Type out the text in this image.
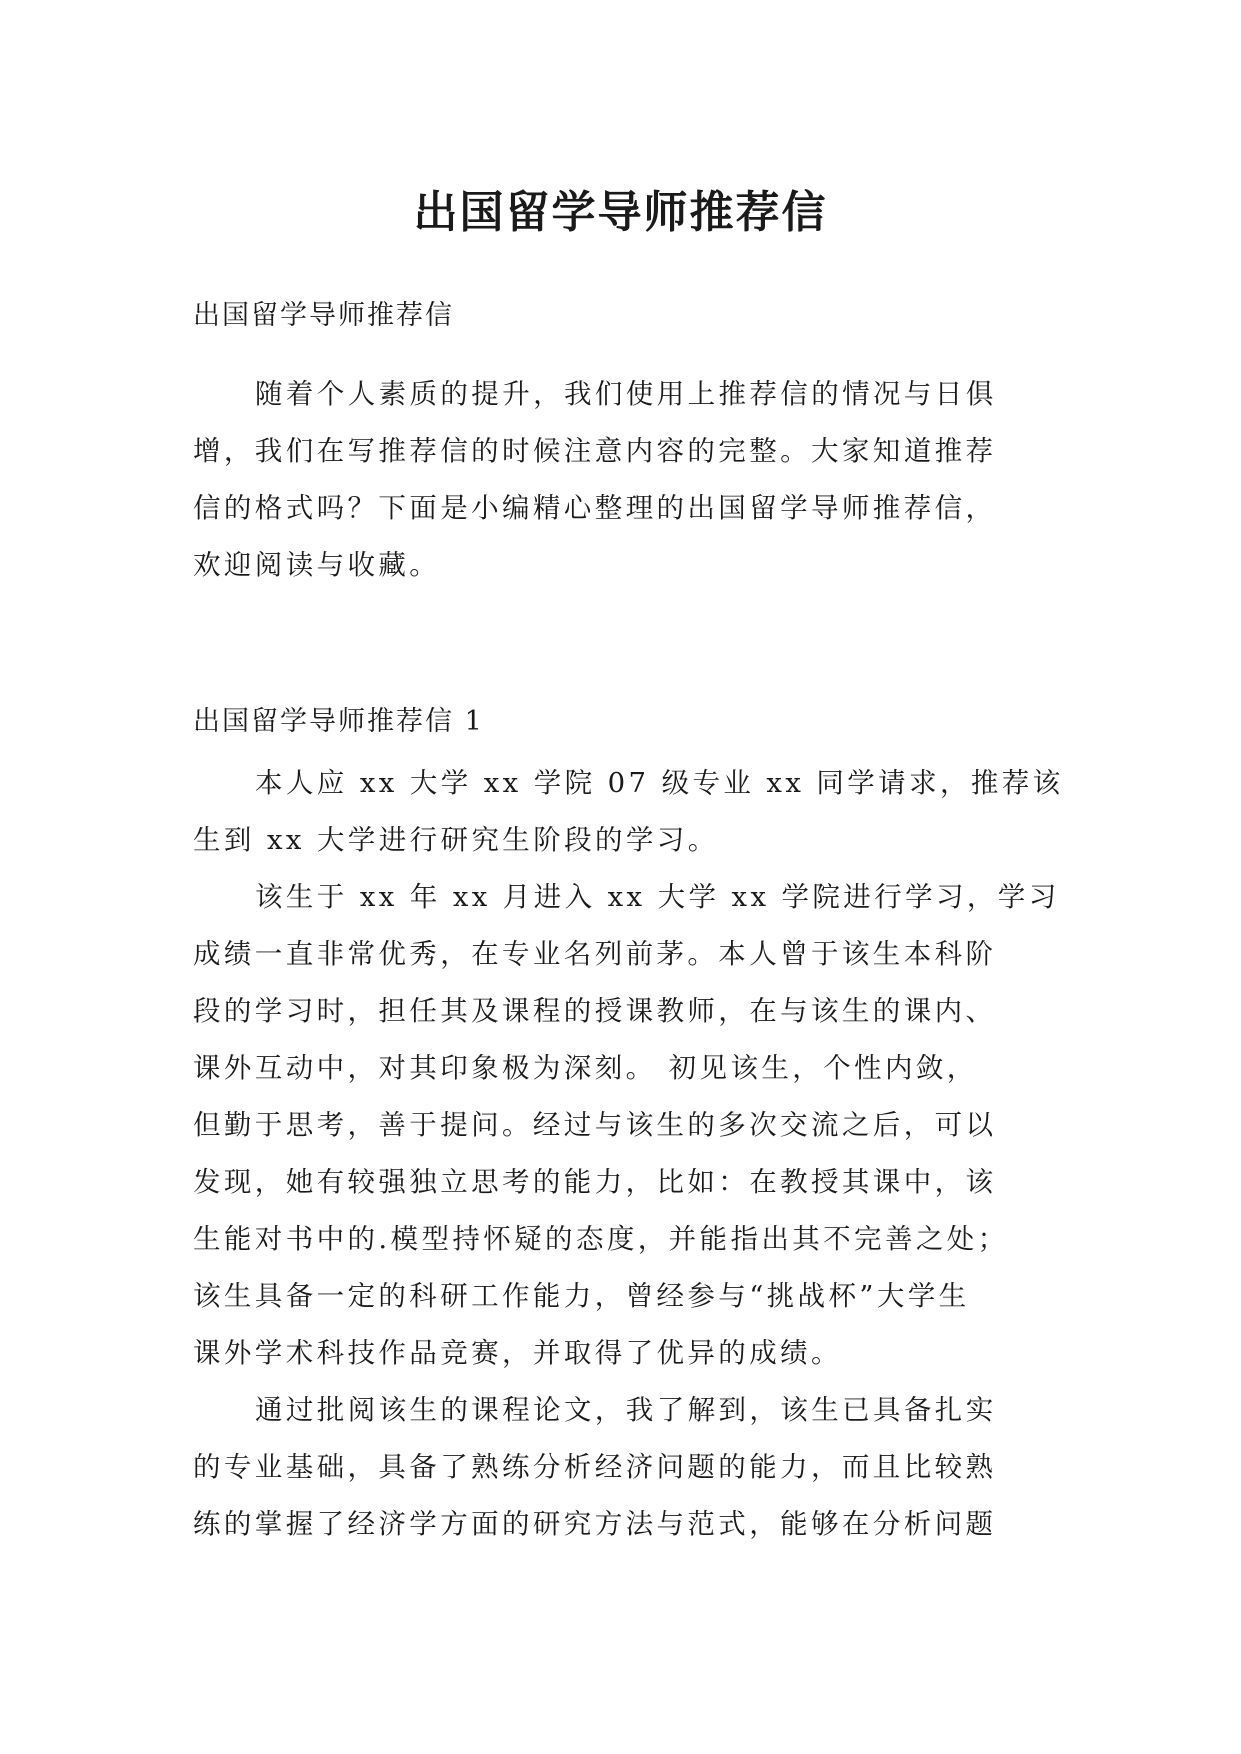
出国留学导师推荐信
出国留学导师推荐信
随着个人素质的提升，我们使用上推荐信的情况与日俱
增，我们在写推荐信的时候注意内容的完整。大家知道推荐
信的格式吗？下面是小编精心整理的出国留学导师推荐信，
欢迎阅读与收藏。
出国留学导师推荐信 1
本人应 xx 大学 xx 学院 07 级专业 xx 同学请求，推荐该
生到 xx 大学进行研究生阶段的学习。
该生于 xx 年 xx 月进入 xx 大学 xx 学院进行学习，学习
成绩一直非常优秀，在专业名列前茅。本人曾于该生本科阶
段的学习时，担任其及课程的授课教师，在与该生的课内、
课外互动中，对其印象极为深刻。 初见该生，个性内敛，
但勤于思考，善于提问。经过与该生的多次交流之后，可以
发现，她有较强独立思考的能力，比如：在教授其课中，该
生能对书中的.模型持怀疑的态度，并能指出其不完善之处；
该生具备一定的科研工作能力，曾经参与“挑战杯”大学生
课外学术科技作品竞赛，并取得了优异的成绩。
通过批阅该生的课程论文，我了解到，该生已具备扎实
的专业基础，具备了熟练分析经济问题的能力，而且比较熟
练的掌握了经济学方面的研究方法与范式，能够在分析问题
